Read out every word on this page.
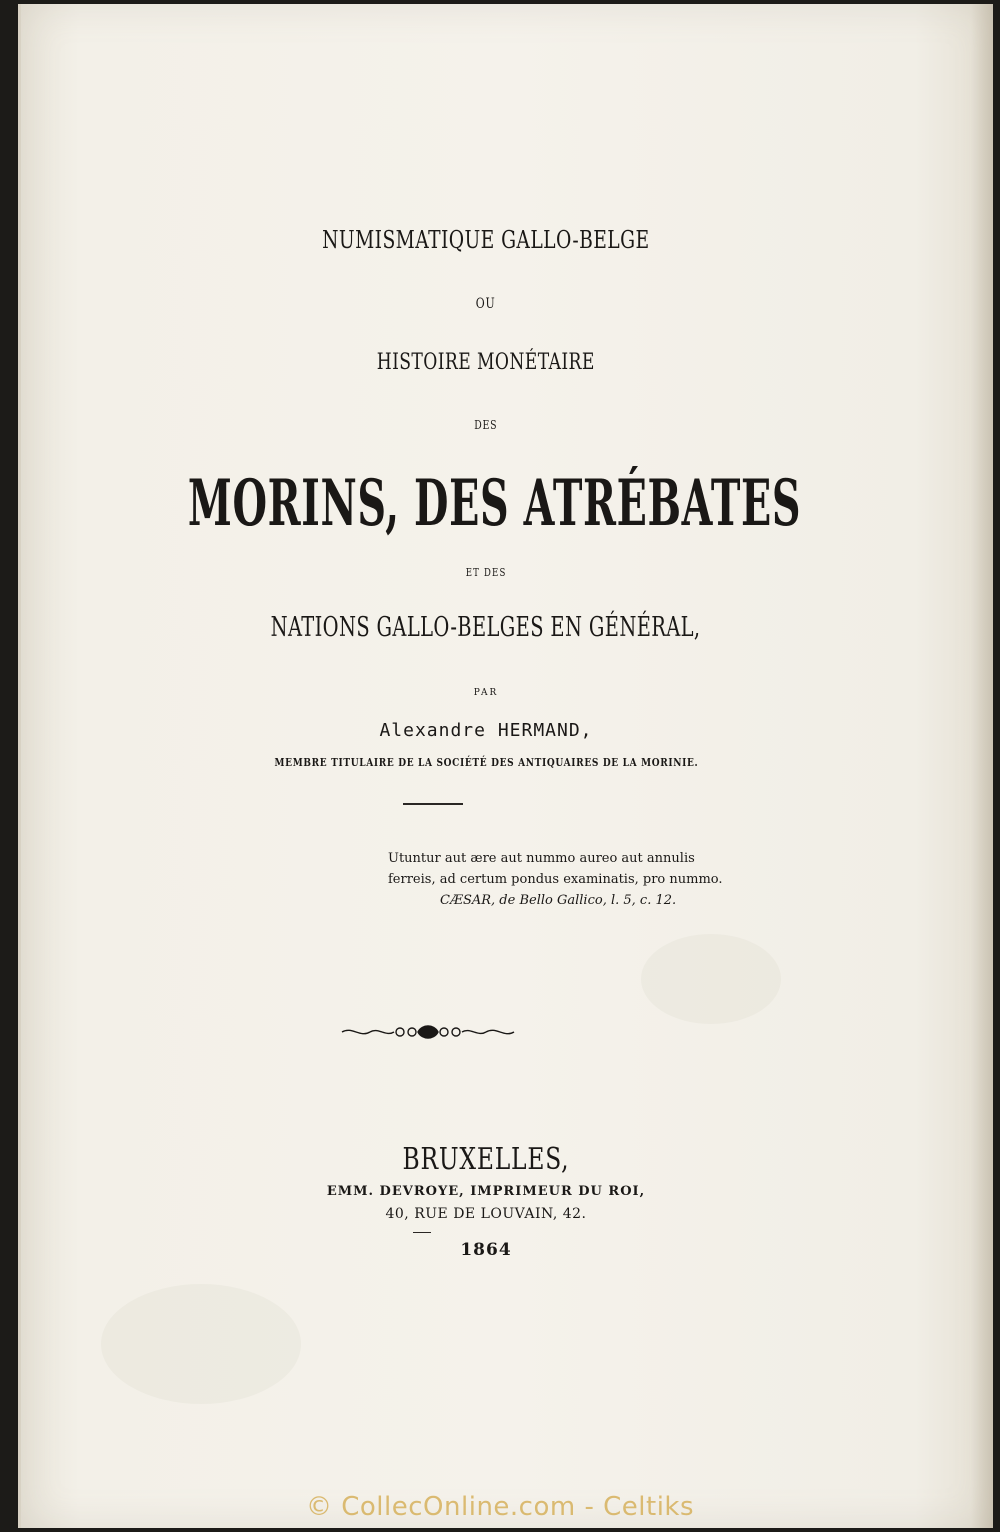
NUMISMATIQUE GALLO-BELGE
OU
HISTOIRE MONÉTAIRE
DES
MORINS, DES ATRÉBATES
ET DES
NATIONS GALLO-BELGES EN GÉNÉRAL,
PAR
Alexandre HERMAND,
MEMBRE TITULAIRE DE LA SOCIÉTÉ DES ANTIQUAIRES DE LA MORINIE.
Utuntur aut ære aut nummo aureo aut annulis
ferreis, ad certum pondus examinatis, pro nummo.
CÆSAR, de Bello Gallico, l. 5, c. 12.
BRUXELLES,
EMM. DEVROYE, IMPRIMEUR DU ROI,
40, RUE DE LOUVAIN, 42.
1864
© CollecOnline.com - Celtiks
